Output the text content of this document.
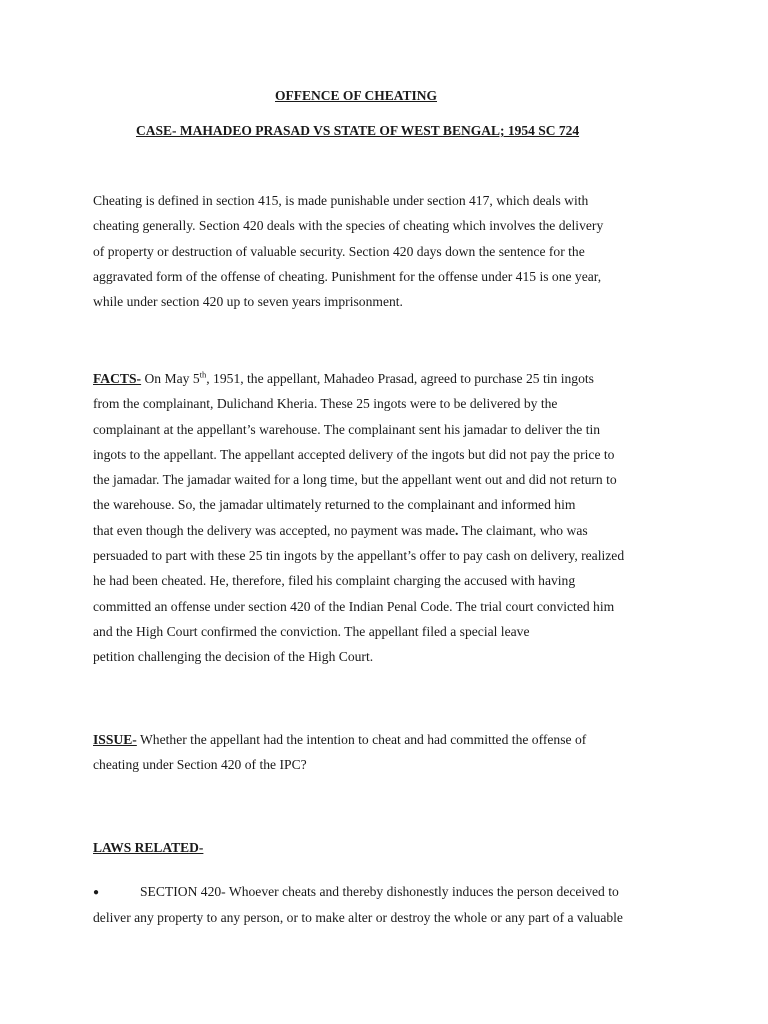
OFFENCE OF CHEATING
CASE- MAHADEO PRASAD VS STATE OF WEST BENGAL; 1954 SC 724

Cheating is defined in section 415, is made punishable under section 417, which deals with
cheating generally. Section 420 deals with the species of cheating which involves the delivery
of property or destruction of valuable security. Section 420 days down the sentence for the
aggravated form of the offense of cheating. Punishment for the offense under 415 is one year,
while under section 420 up to seven years imprisonment.

FACTS- On May 5th, 1951, the appellant, Mahadeo Prasad, agreed to purchase 25 tin ingots
from the complainant, Dulichand Kheria. These 25 ingots were to be delivered by the
complainant at the appellant’s warehouse. The complainant sent his jamadar to deliver the tin
ingots to the appellant. The appellant accepted delivery of the ingots but did not pay the price to
the jamadar. The jamadar waited for a long time, but the appellant went out and did not return to
the warehouse. So, the jamadar ultimately returned to the complainant and informed him
that even though the delivery was accepted, no payment was made. The claimant, who was
persuaded to part with these 25 tin ingots by the appellant’s offer to pay cash on delivery, realized
he had been cheated. He, therefore, filed his complaint charging the accused with having
committed an offense under section 420 of the Indian Penal Code. The trial court convicted him
and the High Court confirmed the conviction. The appellant filed a special leave
petition challenging the decision of the High Court.

ISSUE- Whether the appellant had the intention to cheat and had committed the offense of
cheating under Section 420 of the IPC?

LAWS RELATED-

●	SECTION 420- Whoever cheats and thereby dishonestly induces the person deceived to
deliver any property to any person, or to make alter or destroy the whole or any part of a valuable
